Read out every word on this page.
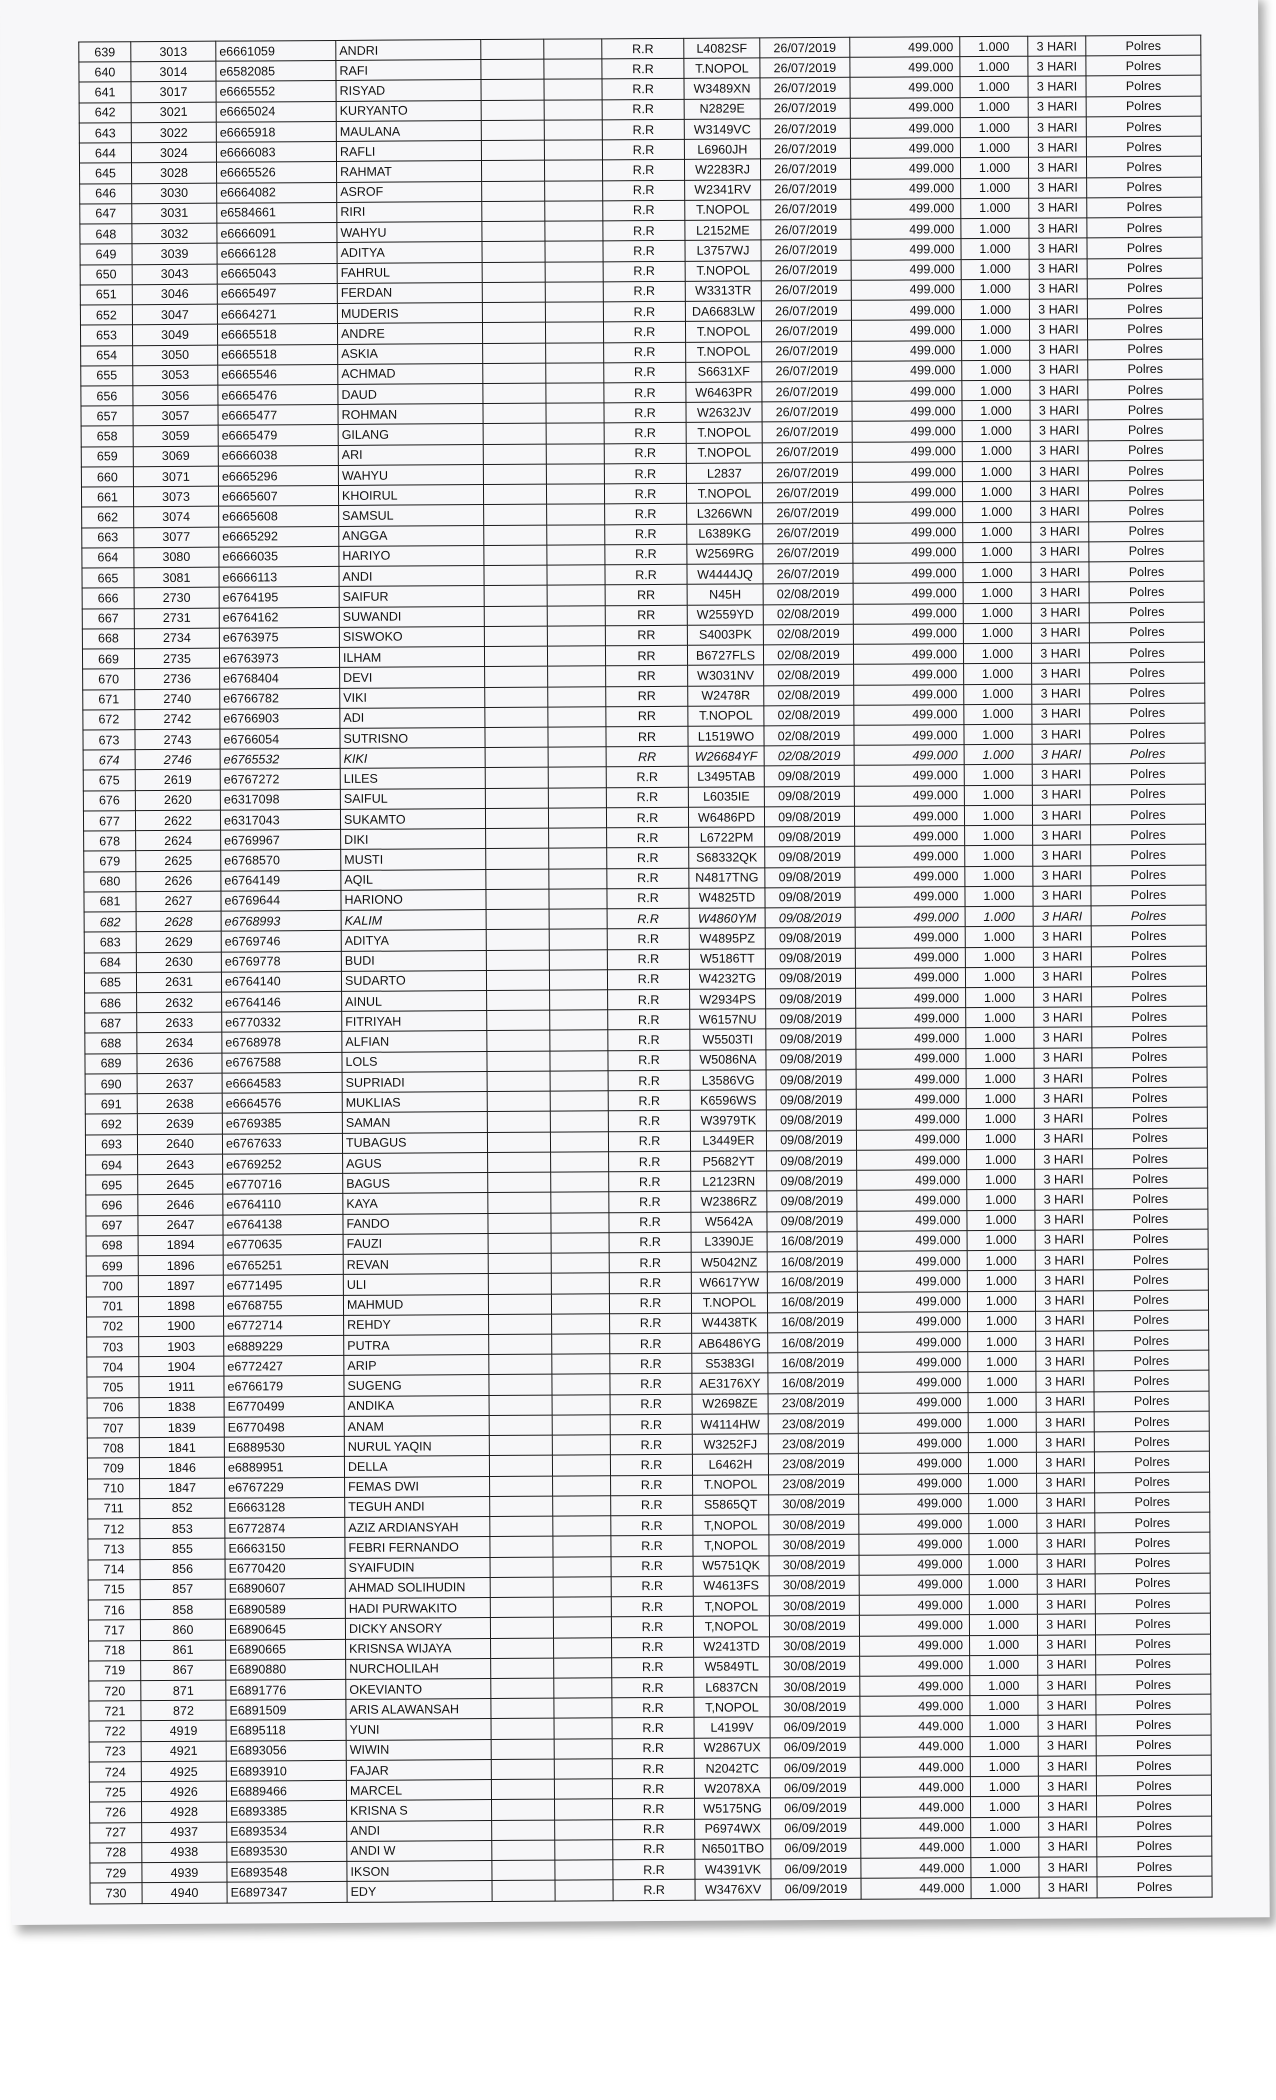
639	3013	e6661059	ANDRI			R.R	L4082SF	26/07/2019	499.000	1.000	3 HARI	Polres
640	3014	e6582085	RAFI			R.R	T.NOPOL	26/07/2019	499.000	1.000	3 HARI	Polres
641	3017	e6665552	RISYAD			R.R	W3489XN	26/07/2019	499.000	1.000	3 HARI	Polres
642	3021	e6665024	KURYANTO			R.R	N2829E	26/07/2019	499.000	1.000	3 HARI	Polres
643	3022	e6665918	MAULANA			R.R	W3149VC	26/07/2019	499.000	1.000	3 HARI	Polres
644	3024	e6666083	RAFLI			R.R	L6960JH	26/07/2019	499.000	1.000	3 HARI	Polres
645	3028	e6665526	RAHMAT			R.R	W2283RJ	26/07/2019	499.000	1.000	3 HARI	Polres
646	3030	e6664082	ASROF			R.R	W2341RV	26/07/2019	499.000	1.000	3 HARI	Polres
647	3031	e6584661	RIRI			R.R	T.NOPOL	26/07/2019	499.000	1.000	3 HARI	Polres
648	3032	e6666091	WAHYU			R.R	L2152ME	26/07/2019	499.000	1.000	3 HARI	Polres
649	3039	e6666128	ADITYA			R.R	L3757WJ	26/07/2019	499.000	1.000	3 HARI	Polres
650	3043	e6665043	FAHRUL			R.R	T.NOPOL	26/07/2019	499.000	1.000	3 HARI	Polres
651	3046	e6665497	FERDAN			R.R	W3313TR	26/07/2019	499.000	1.000	3 HARI	Polres
652	3047	e6664271	MUDERIS			R.R	DA6683LW	26/07/2019	499.000	1.000	3 HARI	Polres
653	3049	e6665518	ANDRE			R.R	T.NOPOL	26/07/2019	499.000	1.000	3 HARI	Polres
654	3050	e6665518	ASKIA			R.R	T.NOPOL	26/07/2019	499.000	1.000	3 HARI	Polres
655	3053	e6665546	ACHMAD			R.R	S6631XF	26/07/2019	499.000	1.000	3 HARI	Polres
656	3056	e6665476	DAUD			R.R	W6463PR	26/07/2019	499.000	1.000	3 HARI	Polres
657	3057	e6665477	ROHMAN			R.R	W2632JV	26/07/2019	499.000	1.000	3 HARI	Polres
658	3059	e6665479	GILANG			R.R	T.NOPOL	26/07/2019	499.000	1.000	3 HARI	Polres
659	3069	e6666038	ARI			R.R	T.NOPOL	26/07/2019	499.000	1.000	3 HARI	Polres
660	3071	e6665296	WAHYU			R.R	L2837	26/07/2019	499.000	1.000	3 HARI	Polres
661	3073	e6665607	KHOIRUL			R.R	T.NOPOL	26/07/2019	499.000	1.000	3 HARI	Polres
662	3074	e6665608	SAMSUL			R.R	L3266WN	26/07/2019	499.000	1.000	3 HARI	Polres
663	3077	e6665292	ANGGA			R.R	L6389KG	26/07/2019	499.000	1.000	3 HARI	Polres
664	3080	e6666035	HARIYO			R.R	W2569RG	26/07/2019	499.000	1.000	3 HARI	Polres
665	3081	e6666113	ANDI			R.R	W4444JQ	26/07/2019	499.000	1.000	3 HARI	Polres
666	2730	e6764195	SAIFUR			RR	N45H	02/08/2019	499.000	1.000	3 HARI	Polres
667	2731	e6764162	SUWANDI			RR	W2559YD	02/08/2019	499.000	1.000	3 HARI	Polres
668	2734	e6763975	SISWOKO			RR	S4003PK	02/08/2019	499.000	1.000	3 HARI	Polres
669	2735	e6763973	ILHAM			RR	B6727FLS	02/08/2019	499.000	1.000	3 HARI	Polres
670	2736	e6768404	DEVI			RR	W3031NV	02/08/2019	499.000	1.000	3 HARI	Polres
671	2740	e6766782	VIKI			RR	W2478R	02/08/2019	499.000	1.000	3 HARI	Polres
672	2742	e6766903	ADI			RR	T.NOPOL	02/08/2019	499.000	1.000	3 HARI	Polres
673	2743	e6766054	SUTRISNO			RR	L1519WO	02/08/2019	499.000	1.000	3 HARI	Polres
674	2746	e6765532	KIKI			RR	W26684YF	02/08/2019	499.000	1.000	3 HARI	Polres
675	2619	e6767272	LILES			R.R	L3495TAB	09/08/2019	499.000	1.000	3 HARI	Polres
676	2620	e6317098	SAIFUL			R.R	L6035IE	09/08/2019	499.000	1.000	3 HARI	Polres
677	2622	e6317043	SUKAMTO			R.R	W6486PD	09/08/2019	499.000	1.000	3 HARI	Polres
678	2624	e6769967	DIKI			R.R	L6722PM	09/08/2019	499.000	1.000	3 HARI	Polres
679	2625	e6768570	MUSTI			R.R	S68332QK	09/08/2019	499.000	1.000	3 HARI	Polres
680	2626	e6764149	AQIL			R.R	N4817TNG	09/08/2019	499.000	1.000	3 HARI	Polres
681	2627	e6769644	HARIONO			R.R	W4825TD	09/08/2019	499.000	1.000	3 HARI	Polres
682	2628	e6768993	KALIM			R.R	W4860YM	09/08/2019	499.000	1.000	3 HARI	Polres
683	2629	e6769746	ADITYA			R.R	W4895PZ	09/08/2019	499.000	1.000	3 HARI	Polres
684	2630	e6769778	BUDI			R.R	W5186TT	09/08/2019	499.000	1.000	3 HARI	Polres
685	2631	e6764140	SUDARTO			R.R	W4232TG	09/08/2019	499.000	1.000	3 HARI	Polres
686	2632	e6764146	AINUL			R.R	W2934PS	09/08/2019	499.000	1.000	3 HARI	Polres
687	2633	e6770332	FITRIYAH			R.R	W6157NU	09/08/2019	499.000	1.000	3 HARI	Polres
688	2634	e6768978	ALFIAN			R.R	W5503TI	09/08/2019	499.000	1.000	3 HARI	Polres
689	2636	e6767588	LOLS			R.R	W5086NA	09/08/2019	499.000	1.000	3 HARI	Polres
690	2637	e6664583	SUPRIADI			R.R	L3586VG	09/08/2019	499.000	1.000	3 HARI	Polres
691	2638	e6664576	MUKLIAS			R.R	K6596WS	09/08/2019	499.000	1.000	3 HARI	Polres
692	2639	e6769385	SAMAN			R.R	W3979TK	09/08/2019	499.000	1.000	3 HARI	Polres
693	2640	e6767633	TUBAGUS			R.R	L3449ER	09/08/2019	499.000	1.000	3 HARI	Polres
694	2643	e6769252	AGUS			R.R	P5682YT	09/08/2019	499.000	1.000	3 HARI	Polres
695	2645	e6770716	BAGUS			R.R	L2123RN	09/08/2019	499.000	1.000	3 HARI	Polres
696	2646	e6764110	KAYA			R.R	W2386RZ	09/08/2019	499.000	1.000	3 HARI	Polres
697	2647	e6764138	FANDO			R.R	W5642A	09/08/2019	499.000	1.000	3 HARI	Polres
698	1894	e6770635	FAUZI			R.R	L3390JE	16/08/2019	499.000	1.000	3 HARI	Polres
699	1896	e6765251	REVAN			R.R	W5042NZ	16/08/2019	499.000	1.000	3 HARI	Polres
700	1897	e6771495	ULI			R.R	W6617YW	16/08/2019	499.000	1.000	3 HARI	Polres
701	1898	e6768755	MAHMUD			R.R	T.NOPOL	16/08/2019	499.000	1.000	3 HARI	Polres
702	1900	e6772714	REHDY			R.R	W4438TK	16/08/2019	499.000	1.000	3 HARI	Polres
703	1903	e6889229	PUTRA			R.R	AB6486YG	16/08/2019	499.000	1.000	3 HARI	Polres
704	1904	e6772427	ARIP			R.R	S5383GI	16/08/2019	499.000	1.000	3 HARI	Polres
705	1911	e6766179	SUGENG			R.R	AE3176XY	16/08/2019	499.000	1.000	3 HARI	Polres
706	1838	E6770499	ANDIKA			R.R	W2698ZE	23/08/2019	499.000	1.000	3 HARI	Polres
707	1839	E6770498	ANAM			R.R	W4114HW	23/08/2019	499.000	1.000	3 HARI	Polres
708	1841	E6889530	NURUL YAQIN			R.R	W3252FJ	23/08/2019	499.000	1.000	3 HARI	Polres
709	1846	e6889951	DELLA			R.R	L6462H	23/08/2019	499.000	1.000	3 HARI	Polres
710	1847	e6767229	FEMAS DWI			R.R	T.NOPOL	23/08/2019	499.000	1.000	3 HARI	Polres
711	852	E6663128	TEGUH ANDI			R.R	S5865QT	30/08/2019	499.000	1.000	3 HARI	Polres
712	853	E6772874	AZIZ ARDIANSYAH			R.R	T,NOPOL	30/08/2019	499.000	1.000	3 HARI	Polres
713	855	E6663150	FEBRI FERNANDO			R.R	T,NOPOL	30/08/2019	499.000	1.000	3 HARI	Polres
714	856	E6770420	SYAIFUDIN			R.R	W5751QK	30/08/2019	499.000	1.000	3 HARI	Polres
715	857	E6890607	AHMAD SOLIHUDIN			R.R	W4613FS	30/08/2019	499.000	1.000	3 HARI	Polres
716	858	E6890589	HADI PURWAKITO			R.R	T,NOPOL	30/08/2019	499.000	1.000	3 HARI	Polres
717	860	E6890645	DICKY ANSORY			R.R	T,NOPOL	30/08/2019	499.000	1.000	3 HARI	Polres
718	861	E6890665	KRISNSA WIJAYA			R.R	W2413TD	30/08/2019	499.000	1.000	3 HARI	Polres
719	867	E6890880	NURCHOLILAH			R.R	W5849TL	30/08/2019	499.000	1.000	3 HARI	Polres
720	871	E6891776	OKEVIANTO			R.R	L6837CN	30/08/2019	499.000	1.000	3 HARI	Polres
721	872	E6891509	ARIS ALAWANSAH			R.R	T,NOPOL	30/08/2019	499.000	1.000	3 HARI	Polres
722	4919	E6895118	YUNI			R.R	L4199V	06/09/2019	449.000	1.000	3 HARI	Polres
723	4921	E6893056	WIWIN			R.R	W2867UX	06/09/2019	449.000	1.000	3 HARI	Polres
724	4925	E6893910	FAJAR			R.R	N2042TC	06/09/2019	449.000	1.000	3 HARI	Polres
725	4926	E6889466	MARCEL			R.R	W2078XA	06/09/2019	449.000	1.000	3 HARI	Polres
726	4928	E6893385	KRISNA S			R.R	W5175NG	06/09/2019	449.000	1.000	3 HARI	Polres
727	4937	E6893534	ANDI			R.R	P6974WX	06/09/2019	449.000	1.000	3 HARI	Polres
728	4938	E6893530	ANDI W			R.R	N6501TBO	06/09/2019	449.000	1.000	3 HARI	Polres
729	4939	E6893548	IKSON			R.R	W4391VK	06/09/2019	449.000	1.000	3 HARI	Polres
730	4940	E6897347	EDY			R.R	W3476XV	06/09/2019	449.000	1.000	3 HARI	Polres
